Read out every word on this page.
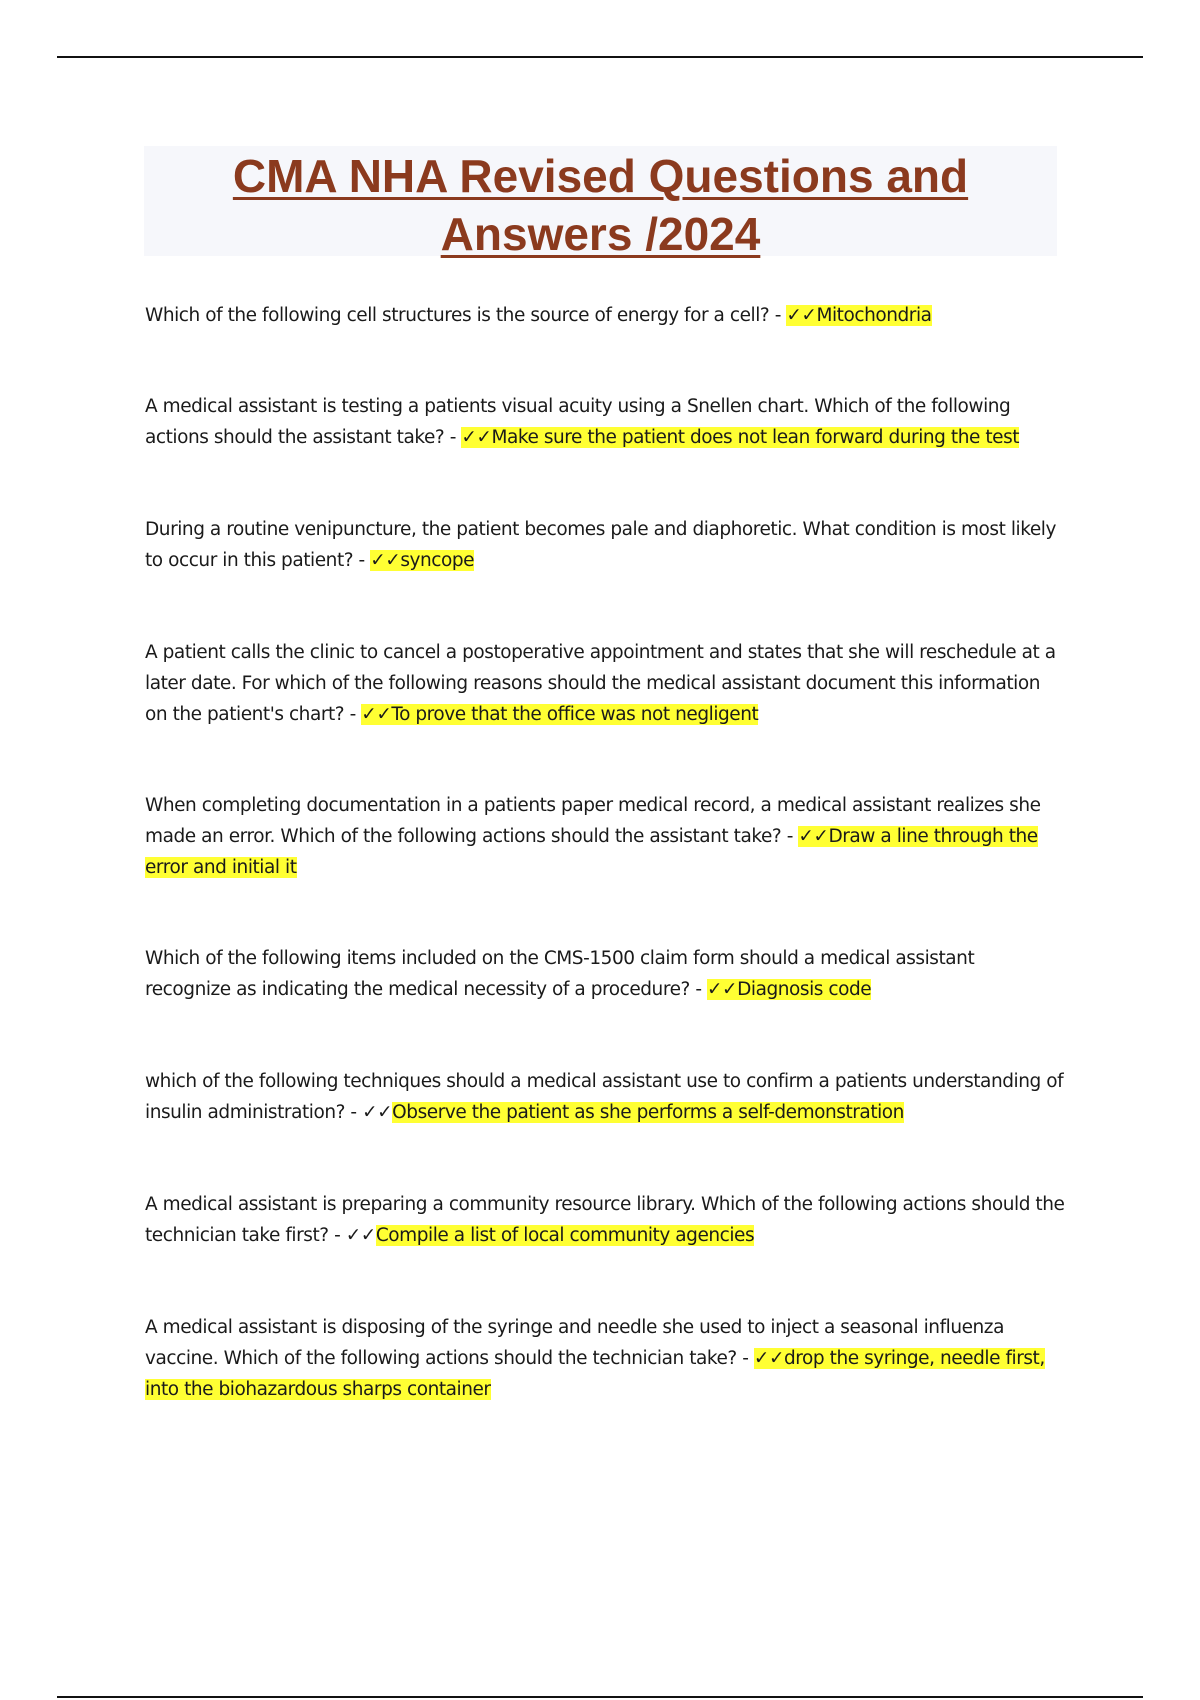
CMA NHA Revised Questions and
Answers /2024
Which of the following cell structures is the source of energy for a cell? - ✓✓Mitochondria
A medical assistant is testing a patients visual acuity using a Snellen chart. Which of the following actions should the assistant take? - ✓✓Make sure the patient does not lean forward during the test
During a routine venipuncture, the patient becomes pale and diaphoretic. What condition is most likely to occur in this patient? - ✓✓syncope
A patient calls the clinic to cancel a postoperative appointment and states that she will reschedule at a later date. For which of the following reasons should the medical assistant document this information on the patient's chart? - ✓✓To prove that the office was not negligent
When completing documentation in a patients paper medical record, a medical assistant realizes she made an error. Which of the following actions should the assistant take? - ✓✓Draw a line through the error and initial it
Which of the following items included on the CMS-1500 claim form should a medical assistant recognize as indicating the medical necessity of a procedure? - ✓✓Diagnosis code
which of the following techniques should a medical assistant use to confirm a patients understanding of insulin administration? - ✓✓Observe the patient as she performs a self-demonstration
A medical assistant is preparing a community resource library. Which of the following actions should the technician take first? - ✓✓Compile a list of local community agencies
A medical assistant is disposing of the syringe and needle she used to inject a seasonal influenza vaccine. Which of the following actions should the technician take? - ✓✓drop the syringe, needle first, into the biohazardous sharps container
